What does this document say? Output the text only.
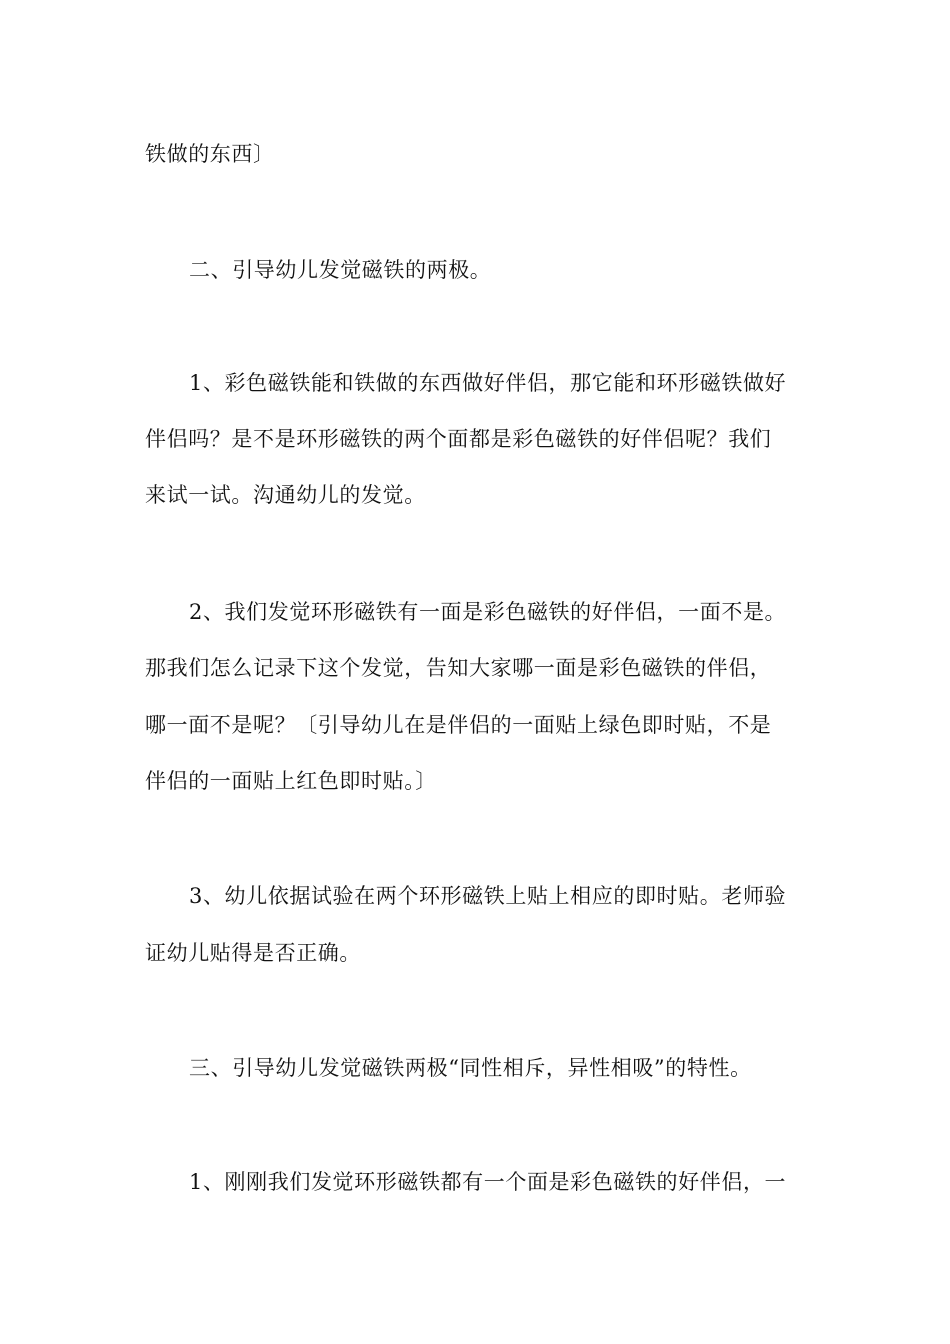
铁做的东西〕
二、引导幼儿发觉磁铁的两极。
1、彩色磁铁能和铁做的东西做好伴侣，那它能和环形磁铁做好
伴侣吗？是不是环形磁铁的两个面都是彩色磁铁的好伴侣呢？我们
来试一试。沟通幼儿的发觉。
2、我们发觉环形磁铁有一面是彩色磁铁的好伴侣，一面不是。
那我们怎么记录下这个发觉，告知大家哪一面是彩色磁铁的伴侣，
哪一面不是呢？〔引导幼儿在是伴侣的一面贴上绿色即时贴，不是
伴侣的一面贴上红色即时贴。〕
3、幼儿依据试验在两个环形磁铁上贴上相应的即时贴。老师验
证幼儿贴得是否正确。
三、引导幼儿发觉磁铁两极“同性相斥，异性相吸”的特性。
1、刚刚我们发觉环形磁铁都有一个面是彩色磁铁的好伴侣，一
